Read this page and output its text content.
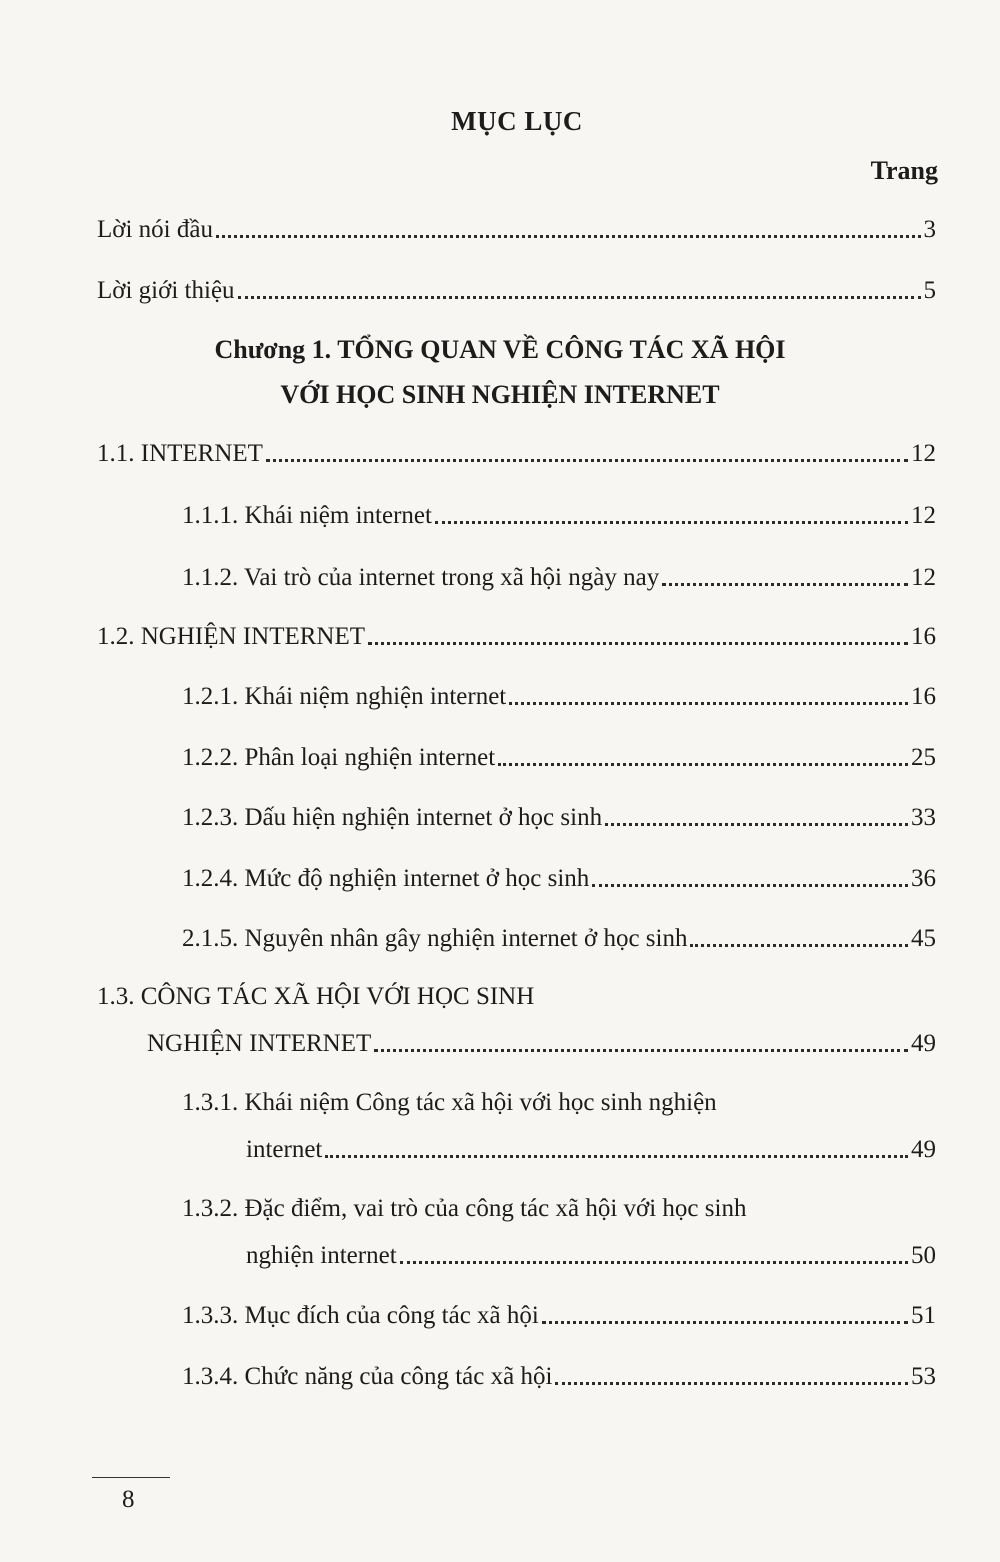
MỤC LỤC
Trang
Lời nói đầu	3
Lời giới thiệu	5
Chương 1. TỔNG QUAN VỀ CÔNG TÁC XÃ HỘI
VỚI HỌC SINH NGHIỆN INTERNET
1.1. INTERNET	12
1.1.1. Khái niệm internet	12
1.1.2. Vai trò của internet trong xã hội ngày nay	12
1.2. NGHIỆN INTERNET	16
1.2.1. Khái niệm nghiện internet	16
1.2.2. Phân loại nghiện internet	25
1.2.3. Dấu hiện nghiện internet ở học sinh	33
1.2.4. Mức độ nghiện internet ở học sinh	36
2.1.5. Nguyên nhân gây nghiện internet ở học sinh	45
1.3. CÔNG TÁC XÃ HỘI VỚI HỌC SINH
NGHIỆN INTERNET	49
1.3.1. Khái niệm Công tác xã hội với học sinh nghiện
internet	49
1.3.2. Đặc điểm, vai trò của công tác xã hội với học sinh
nghiện internet	50
1.3.3. Mục đích của công tác xã hội	51
1.3.4. Chức năng của công tác xã hội	53
8
